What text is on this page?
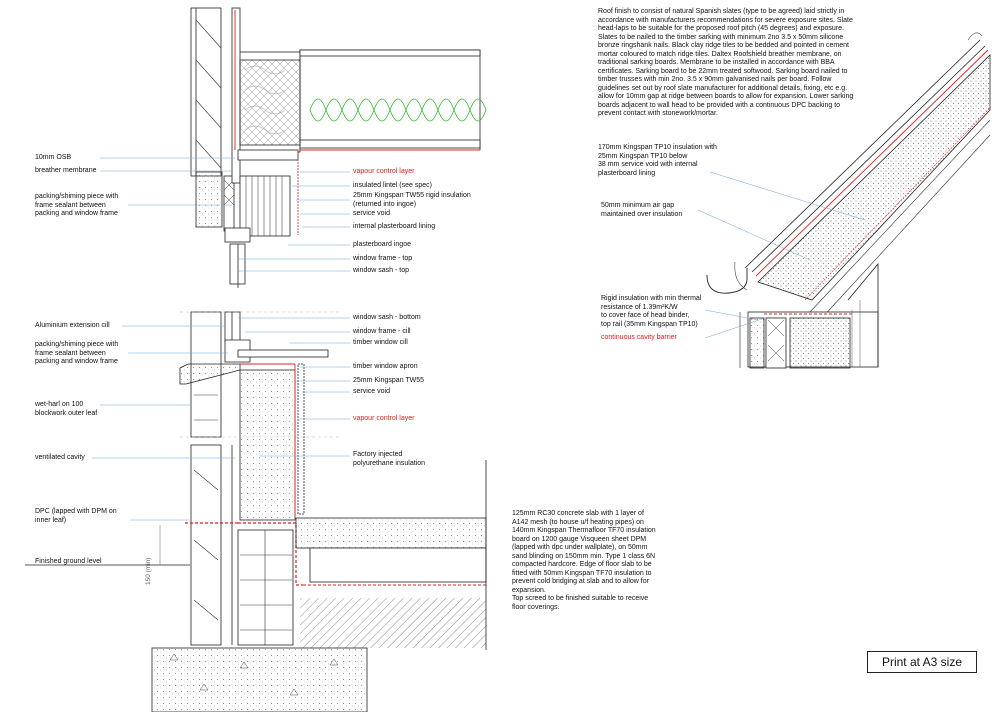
10mm OSB
breather membrane
packing/shiming piece with
frame sealant between
packing and window frame
Aluminium extension cill
packing/shiming piece with
frame sealant between
packing and window frame
wet-harl on 100
blockwork outer leaf
ventilated cavity
DPC (lapped with DPM on
inner leaf)
Finished ground level
vapour control layer
insulated lintel (see spec)
25mm Kingspan TW55 rigid insulation
(returned into ingoe)
service void
internal plasterboard lining
plasterboard ingoe
window frame - top
window sash - top
window sash - bottom
window frame - cill
timber window cill
timber window apron
25mm Kingspan TW55
service void
vapour control layer
Factory injected
polyurethane insulation
125mm RC30 concrete slab with 1 layer of
A142 mesh (to house u/f heating pipes) on
140mm Kingspan Thermafloor TF70 insulation
board on 1200 gauge Visqueen sheet DPM
(lapped with dpc under wallplate), on 50mm
sand blinding on 150mm min. Type 1 class 6N
compacted hardcore. Edge of floor slab to be
fitted with 50mm Kingspan TF70 insulation to
prevent cold bridging at slab and to allow for
expansion.
Top screed to be finished suitable to receive
floor coverings.
Roof finish to consist of natural Spanish slates (type to be agreed) laid strictly in
accordance with manufacturers recommendations for severe exposure sites. Slate
head-laps to be suitable for the proposed roof pitch (45 degrees) and exposure.
Slates to be nailed to the timber sarking with minimum 2no 3.5 x 50mm silicone
bronze ringshank nails. Black clay ridge tiles to be bedded and pointed in cement
mortar coloured to match ridge tiles. Daltex Roofshield breather membrane, on
traditional sarking boards. Membrane to be installed in accordance with BBA
certificates. Sarking board to be 22mm treated softwood. Sarking board nailed to
timber trusses with min 2no. 3.5 x 90mm galvanised nails per board. Follow
guidelines set out by roof slate manufacturer for additional details, fixing, etc e.g.
allow for 10mm gap at ridge between boards to allow for expansion. Lower sarking
boards adjacent to wall head to be provided with a continuous DPC backing to
prevent contact with stonework/mortar.
170mm Kingspan TP10 insulation with
25mm Kingspan TP10 below
38 mm service void with internal
plasterboard lining
50mm minimum air gap
maintained over insulation
Rigid insulation with min thermal
resistance of 1.39m²K/W
to cover face of head binder,
top rail (35mm Kingspan TP10)
continuous cavity barrier
150 (min)
Print at A3 size
